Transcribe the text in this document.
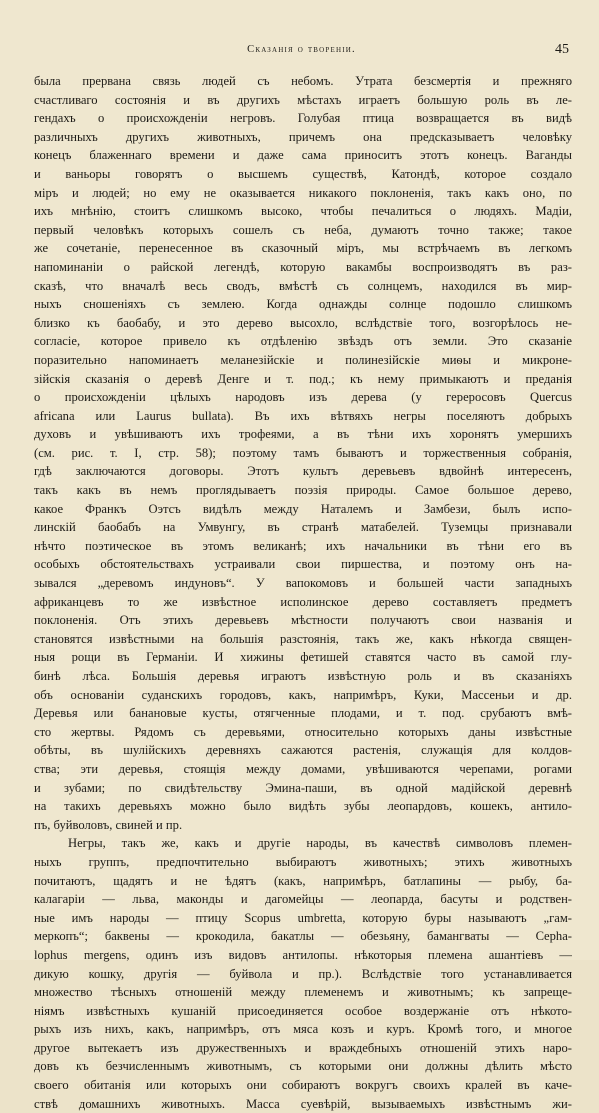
Сказанія о твореніи.	45
была прервана связь людей съ небомъ. Утрата безсмертія и прежняго
счастливаго состоянія и въ другихъ мѣстахъ играетъ большую роль въ ле-
гендахъ о происхожденіи негровъ. Голубая птица возвращается въ видѣ
различныхъ другихъ животныхъ, причемъ она предсказываетъ человѣку
конецъ блаженнаго времени и даже сама приноситъ этотъ конецъ. Ваганды
и ваньоры говорятъ о высшемъ существѣ, Катондѣ, которое создало
міръ и людей; но ему не оказывается никакого поклоненія, такъ какъ оно, по
ихъ мнѣнію, стоитъ слишкомъ высоко, чтобы печалиться о людяхъ. Мадіи,
первый человѣкъ которыхъ сошелъ съ неба, думаютъ точно также; такое
же сочетаніе, перенесенное въ сказочный міръ, мы встрѣчаемъ въ легкомъ
напоминаніи о райской легендѣ, которую вакамбы воспроизводятъ въ раз-
сказѣ, что вначалѣ весь сводъ, вмѣстѣ съ солнцемъ, находился въ мир-
ныхъ сношеніяхъ съ землею. Когда однажды солнце подошло слишкомъ
близко къ баобабу, и это дерево высохло, вслѣдствіе того, возгорѣлось не-
согласіе, которое привело къ отдѣленію звѣздъ отъ земли. Это сказаніе
поразительно напоминаетъ меланезійскіе и полинезійскіе миѳы и микроне-
зійскія сказанія о деревѣ Денге и т. под.; къ нему примыкаютъ и преданія
о происхожденіи цѣлыхъ народовъ изъ дерева (у гереросовъ Quercus
africana или Laurus bullata). Въ ихъ вѣтвяхъ негры поселяютъ добрыхъ
духовъ и увѣшиваютъ ихъ трофеями, а въ тѣни ихъ хоронятъ умершихъ
(см. рис. т. I, стр. 58); поэтому тамъ бываютъ и торжественныя собранія,
гдѣ заключаются договоры. Этотъ культъ деревьевъ вдвойнѣ интересенъ,
такъ какъ въ немъ проглядываетъ поэзія природы. Самое большое дерево,
какое Франкъ Оэтсъ видѣлъ между Наталемъ и Замбези, былъ испо-
линскій баобабъ на Умвунгу, въ странѣ матабелей. Туземцы признавали
нѣчто поэтическое въ этомъ великанѣ; ихъ начальники въ тѣни его въ
особыхъ обстоятельствахъ устраивали свои пиршества, и поэтому онъ на-
зывался „деревомъ индуновъ“. У вапокомовъ и большей части западныхъ
африканцевъ то же извѣстное исполинское дерево составляетъ предметъ
поклоненія. Отъ этихъ деревьевъ мѣстности получаютъ свои названія и
становятся извѣстными на большія разстоянія, такъ же, какъ нѣкогда священ-
ныя рощи въ Германіи. И хижины фетишей ставятся часто въ самой глу-
бинѣ лѣса. Большія деревья играютъ извѣстную роль и въ сказаніяхъ
объ основаніи суданскихъ городовъ, какъ, напримѣръ, Куки, Массеньи и др.
Деревья или банановые кусты, отягченные плодами, и т. под. срубаютъ вмѣ-
сто жертвы. Рядомъ съ деревьями, относительно которыхъ даны извѣстные
обѣты, въ шулійскихъ деревняхъ сажаются растенія, служащія для колдов-
ства; эти деревья, стоящія между домами, увѣшиваются черепами, рогами
и зубами; по свидѣтельству Эмина-паши, въ одной мадійской деревнѣ
на такихъ деревьяхъ можно было видѣть зубы леопардовъ, кошекъ, антило-
пъ, буйволовъ, свиней и пр.
Негры, такъ же, какъ и другіе народы, въ качествѣ символовъ племен-
ныхъ группъ, предпочтительно выбираютъ животныхъ; этихъ животныхъ
почитаютъ, щадятъ и не ѣдятъ (какъ, напримѣръ, батлапины — рыбу, ба-
калагаріи — льва, маконды и дагомейцы — леопарда, басуты и родствен-
ные имъ народы — птицу Scopus umbretta, которую буры называютъ „гам-
меркопъ“; баквены — крокодила, бакатлы — обезьяну, бамангваты — Cepha-
lophus mergens, одинъ изъ видовъ антилопы. нѣкоторыя племена ашантіевъ —
дикую кошку, другія — буйвола и пр.). Вслѣдствіе того устанавливается
множество тѣсныхъ отношеній между племенемъ и животнымъ; къ запреще-
ніямъ извѣстныхъ кушаній присоединяется особое воздержаніе отъ нѣкото-
рыхъ изъ нихъ, какъ, напримѣръ, отъ мяса козъ и куръ. Кромѣ того, и многое
другое вытекаетъ изъ дружественныхъ и враждебныхъ отношеній этихъ наро-
довъ къ безчисленнымъ животнымъ, съ которыми они должны дѣлить мѣсто
своего обитанія или которыхъ они собираютъ вокругъ своихъ кралей въ каче-
ствѣ домашнихъ животныхъ. Масса суевѣрій, вызываемыхъ извѣстнымъ жи-
